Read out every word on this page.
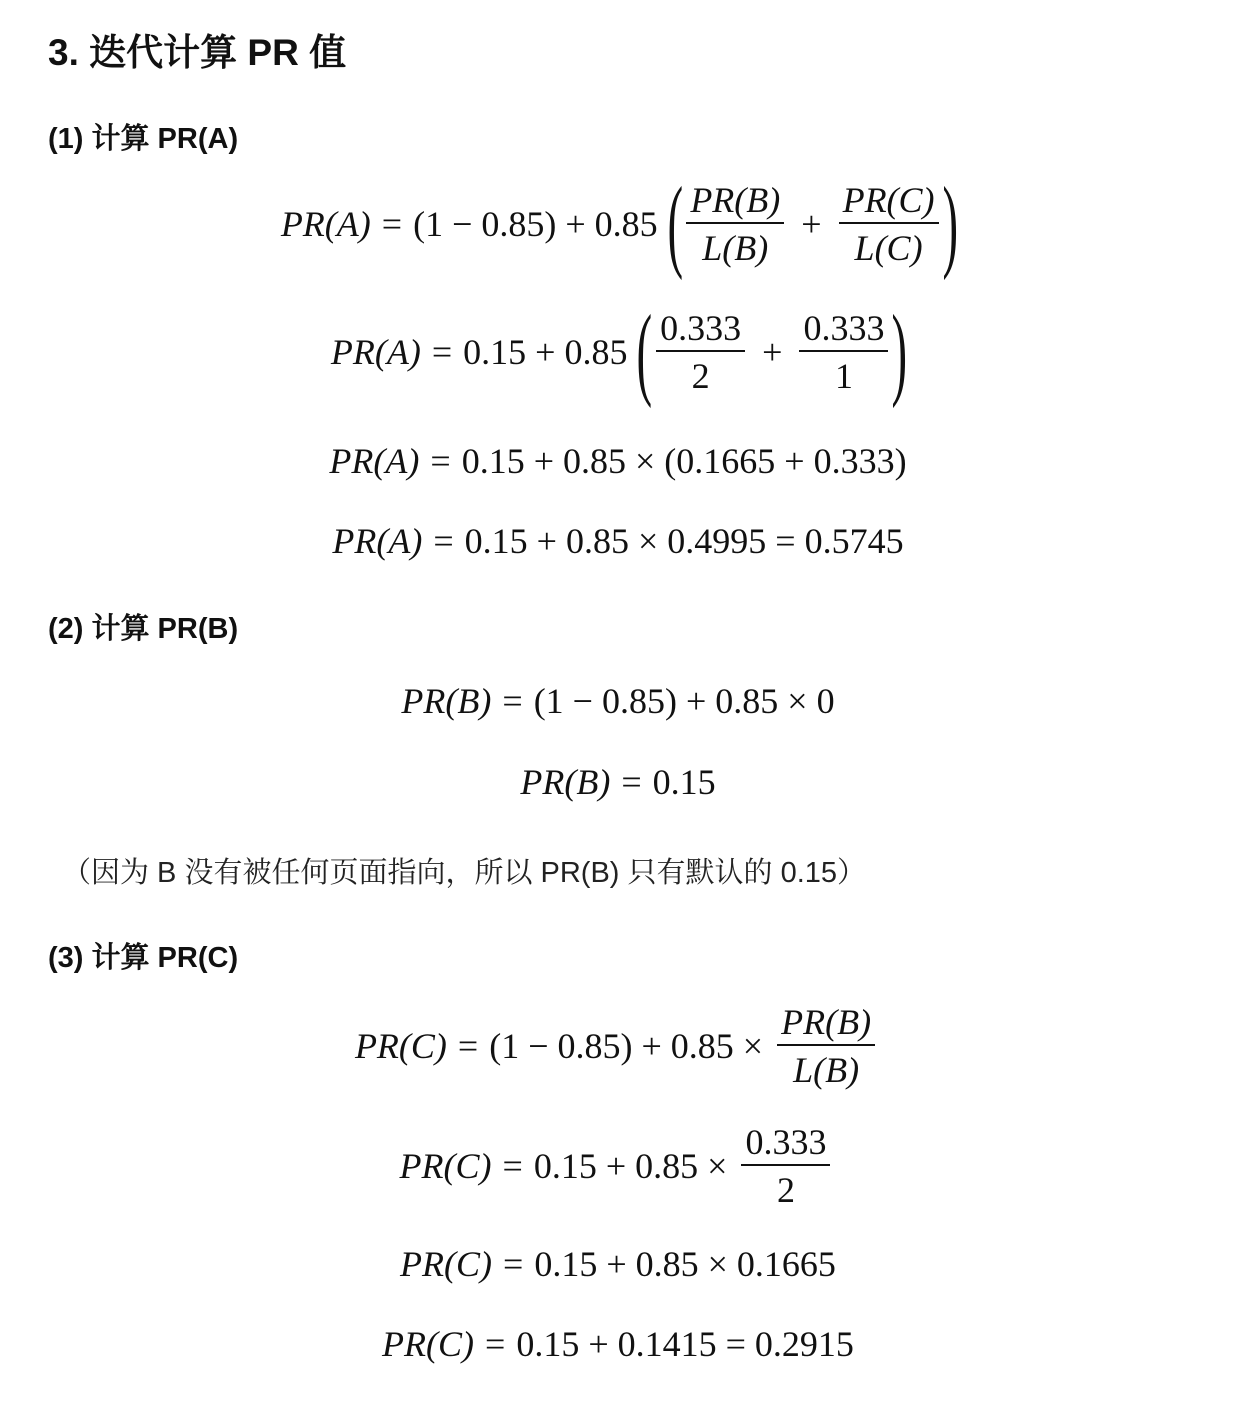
3. 迭代计算 PR 值
(1) 计算 PR(A)
PR(A) = (1 − 0.85) + 0.85 ( $\frac{PR(B)}{L(B)} + \frac{PR(C)}{L(C)}$ )
PR(A) = 0.15 + 0.85 ( $\frac{0.333}{2} + \frac{0.333}{1}$ )
PR(A) = 0.15 + 0.85 × (0.1665 + 0.333)
PR(A) = 0.15 + 0.85 × 0.4995 = 0.5745
(2) 计算 PR(B)
PR(B) = (1 − 0.85) + 0.85 × 0
PR(B) = 0.15
（因为 B 没有被任何页面指向，所以 PR(B) 只有默认的 0.15）
(3) 计算 PR(C)
$PR(C) = (1 - 0.85) + 0.85 \times \frac{PR(B)}{L(B)}$
$PR(C) = 0.15 + 0.85 \times \frac{0.333}{2}$
PR(C) = 0.15 + 0.85 × 0.1665
PR(C) = 0.15 + 0.1415 = 0.2915
